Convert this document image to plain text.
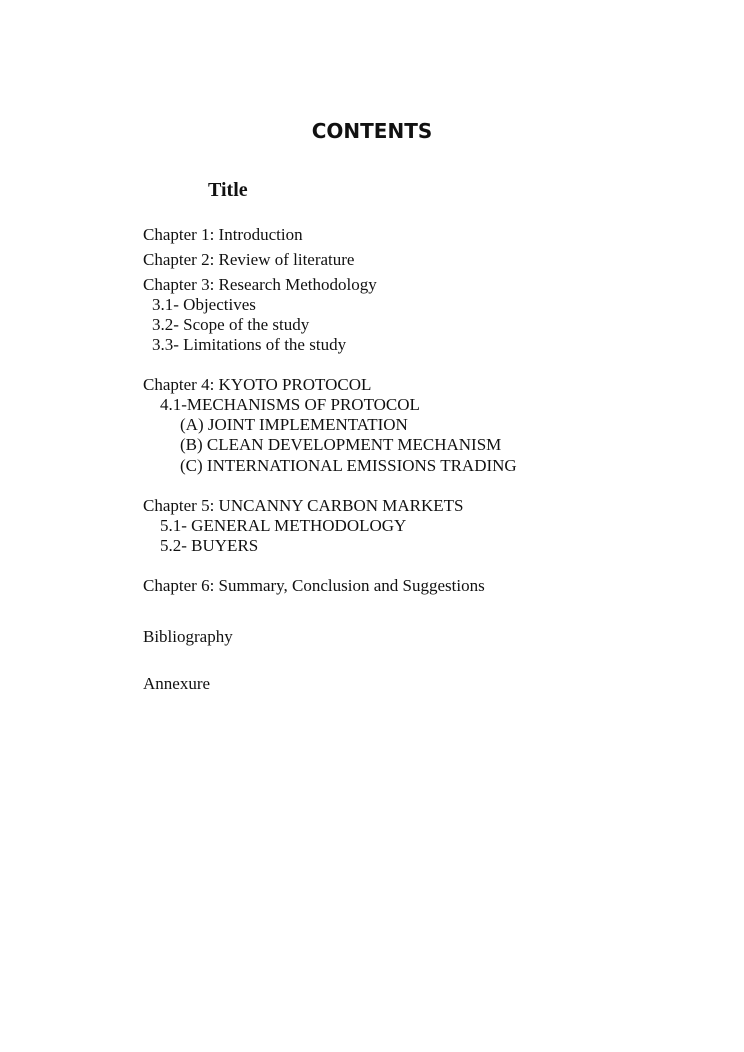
CONTENTS
Title
Chapter 1: Introduction
Chapter 2: Review of literature
Chapter 3: Research Methodology
3.1- Objectives
3.2- Scope of the study
3.3- Limitations of the study
Chapter 4: KYOTO PROTOCOL
4.1-MECHANISMS OF PROTOCOL
(A) JOINT IMPLEMENTATION
(B) CLEAN DEVELOPMENT MECHANISM
(C) INTERNATIONAL EMISSIONS TRADING
Chapter 5: UNCANNY CARBON MARKETS
5.1- GENERAL METHODOLOGY
5.2- BUYERS
Chapter 6: Summary, Conclusion and Suggestions
Bibliography
Annexure
